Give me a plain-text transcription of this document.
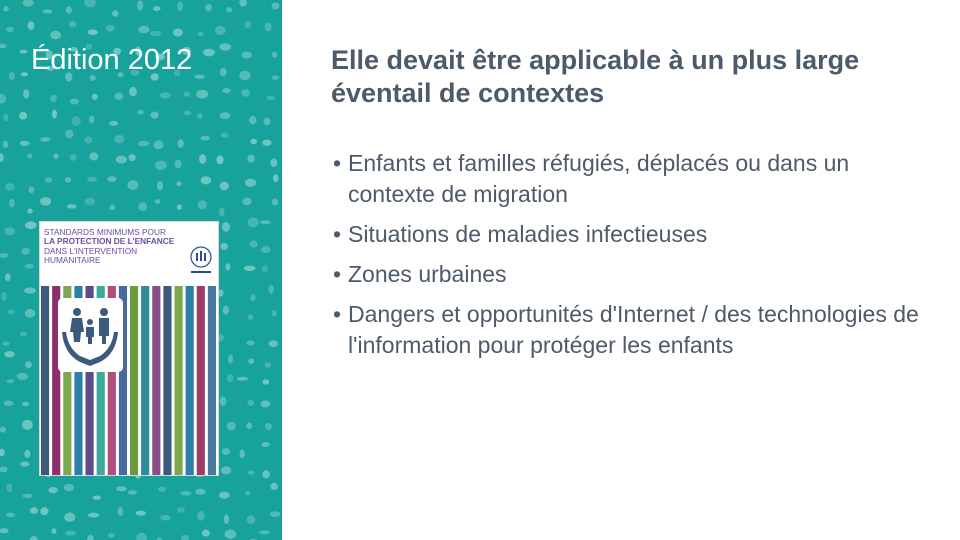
Édition 2012
STANDARDS MINIMUMS POUR
LA PROTECTION DE L'ENFANCE
DANS L'INTERVENTION
HUMANITAIRE
Elle devait être applicable à un plus large éventail de contextes
• Enfants et familles réfugiés, déplacés ou dans un contexte de migration
• Situations de maladies infectieuses
• Zones urbaines
• Dangers et opportunités d'Internet / des technologies de l'information pour protéger les enfants
